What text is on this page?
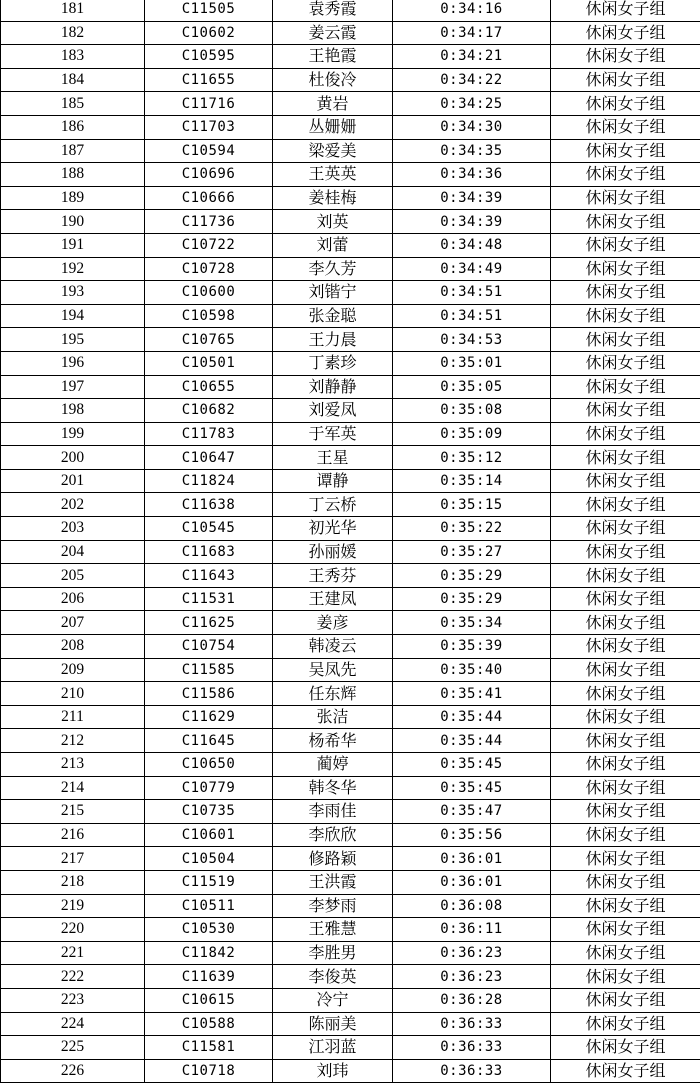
181	C11505	袁秀霞	0:34:16	休闲女子组
182	C10602	姜云霞	0:34:17	休闲女子组
183	C10595	王艳霞	0:34:21	休闲女子组
184	C11655	杜俊冷	0:34:22	休闲女子组
185	C11716	黄岩	0:34:25	休闲女子组
186	C11703	丛姗姗	0:34:30	休闲女子组
187	C10594	梁爱美	0:34:35	休闲女子组
188	C10696	王英英	0:34:36	休闲女子组
189	C10666	姜桂梅	0:34:39	休闲女子组
190	C11736	刘英	0:34:39	休闲女子组
191	C10722	刘蕾	0:34:48	休闲女子组
192	C10728	李久芳	0:34:49	休闲女子组
193	C10600	刘锴宁	0:34:51	休闲女子组
194	C10598	张金聪	0:34:51	休闲女子组
195	C10765	王力晨	0:34:53	休闲女子组
196	C10501	丁素珍	0:35:01	休闲女子组
197	C10655	刘静静	0:35:05	休闲女子组
198	C10682	刘爱凤	0:35:08	休闲女子组
199	C11783	于军英	0:35:09	休闲女子组
200	C10647	王星	0:35:12	休闲女子组
201	C11824	谭静	0:35:14	休闲女子组
202	C11638	丁云桥	0:35:15	休闲女子组
203	C10545	初光华	0:35:22	休闲女子组
204	C11683	孙丽媛	0:35:27	休闲女子组
205	C11643	王秀芬	0:35:29	休闲女子组
206	C11531	王建凤	0:35:29	休闲女子组
207	C11625	姜彦	0:35:34	休闲女子组
208	C10754	韩凌云	0:35:39	休闲女子组
209	C11585	吴凤先	0:35:40	休闲女子组
210	C11586	任东辉	0:35:41	休闲女子组
211	C11629	张洁	0:35:44	休闲女子组
212	C11645	杨希华	0:35:44	休闲女子组
213	C10650	蔺婷	0:35:45	休闲女子组
214	C10779	韩冬华	0:35:45	休闲女子组
215	C10735	李雨佳	0:35:47	休闲女子组
216	C10601	李欣欣	0:35:56	休闲女子组
217	C10504	修路颖	0:36:01	休闲女子组
218	C11519	王洪霞	0:36:01	休闲女子组
219	C10511	李梦雨	0:36:08	休闲女子组
220	C10530	王雅慧	0:36:11	休闲女子组
221	C11842	李胜男	0:36:23	休闲女子组
222	C11639	李俊英	0:36:23	休闲女子组
223	C10615	冷宁	0:36:28	休闲女子组
224	C10588	陈丽美	0:36:33	休闲女子组
225	C11581	江羽蓝	0:36:33	休闲女子组
226	C10718	刘玮	0:36:33	休闲女子组
